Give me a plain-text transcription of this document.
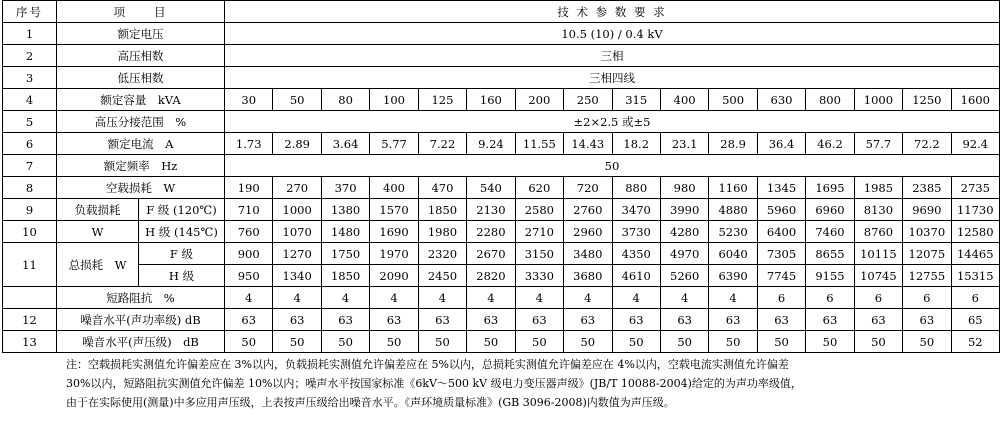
序号	项　　目		技 术 参 数 要 求															
1	额定电压		10.5 (10) / 0.4 kV															
2	高压相数		三相															
3	低压相数		三相四线															
4	额定容量　kVA		30	50	80	100	125	160	200	250	315	400	500	630	800	1000	1250	1600
5	高压分接范围　%		±2×2.5 或±5															
6	额定电流　A		1.73	2.89	3.64	5.77	7.22	9.24	11.55	14.43	18.2	23.1	28.9	36.4	46.2	57.7	72.2	92.4
7	额定频率　Hz		50															
8	空载损耗　W		190	270	370	400	470	540	620	720	880	980	1160	1345	1695	1985	2385	2735
9	负载损耗	F 级 (120℃)	710	1000	1380	1570	1850	2130	2580	2760	3470	3990	4880	5960	6960	8130	9690	11730
10	W	H 级 (145℃)	760	1070	1480	1690	1980	2280	2710	2960	3730	4280	5230	6400	7460	8760	10370	12580
11	总损耗　W	F 级	900	1270	1750	1970	2320	2670	3150	3480	4350	4970	6040	7305	8655	10115	12075	14465
		H 级	950	1340	1850	2090	2450	2820	3330	3680	4610	5260	6390	7745	9155	10745	12755	15315
	短路阻抗　%		4	4	4	4	4	4	4	4	4	4	4	6	6	6	6	6
12	噪音水平(声功率级) dB		63	63	63	63	63	63	63	63	63	63	63	63	63	63	63	65
13	噪音水平(声压级)　dB		50	50	50	50	50	50	50	50	50	50	50	50	50	50	50	52
注：空载损耗实测值允许偏差应在 3%以内，负载损耗实测值允许偏差应在 5%以内，总损耗实测值允许偏差应在 4%以内，空载电流实测值允许偏差
30%以内，短路阻抗实测值允许偏差 10%以内；噪声水平按国家标准《6kV～500 kV 级电力变压器声级》(JB/T 10088-2004)给定的为声功率级值，
由于在实际使用(测量)中多应用声压级，上表按声压级给出噪音水平。《声环境质量标准》(GB 3096-2008)内数值为声压级。
